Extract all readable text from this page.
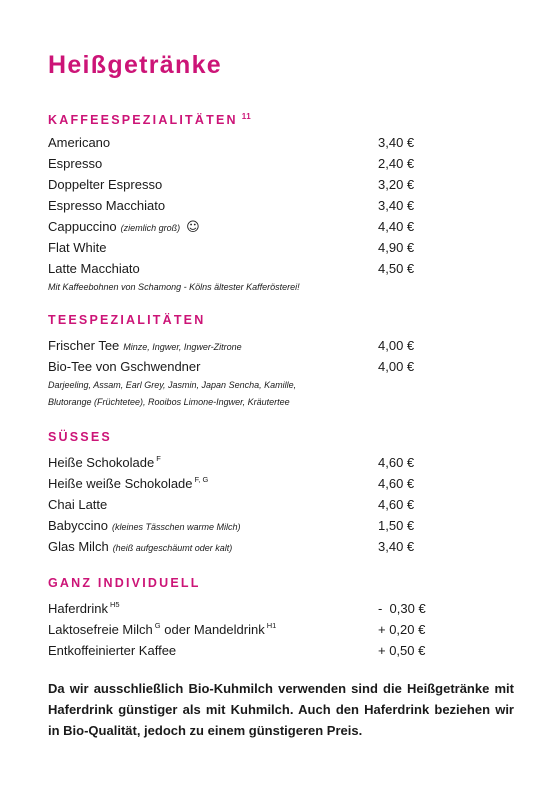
Heißgetränke
KAFFEESPEZIALITÄTEN $^{11}$
Americano	3,40 €
Espresso	2,40 €
Doppelter Espresso	3,20 €
Espresso Macchiato	3,40 €
Cappuccino (ziemlich groß) ☺	4,40 €
Flat White	4,90 €
Latte Macchiato	4,50 €
Mit Kaffeebohnen von Schamong - Kölns ältester Kafferösterei!
TEESPEZIALITÄTEN
Frischer Tee Minze, Ingwer, Ingwer-Zitrone	4,00 €
Bio-Tee von Gschwendner	4,00 €
Darjeeling, Assam, Earl Grey, Jasmin, Japan Sencha, Kamille,
Blutorange (Früchtetee), Rooibos Limone-Ingwer, Kräutertee
SÜSSES
Heiße Schokolade $^F$	4,60 €
Heiße weiße Schokolade $^{F, G}$	4,60 €
Chai Latte	4,60 €
Babyccino (kleines Tässchen warme Milch)	1,50 €
Glas Milch (heiß aufgeschäumt oder kalt)	3,40 €
GANZ INDIVIDUELL
Haferdrink $^{H5}$	-  0,30 €
Laktosefreie Milch $^G$ oder Mandeldrink $^{H1}$	+ 0,20 €
Entkoffeinierter Kaffee	+ 0,50 €

Da wir ausschließlich Bio-Kuhmilch verwenden sind die Heißgetränke mit Haferdrink günstiger als mit Kuhmilch. Auch den Haferdrink beziehen wir in Bio-Qualität, jedoch zu einem günstigeren Preis.
